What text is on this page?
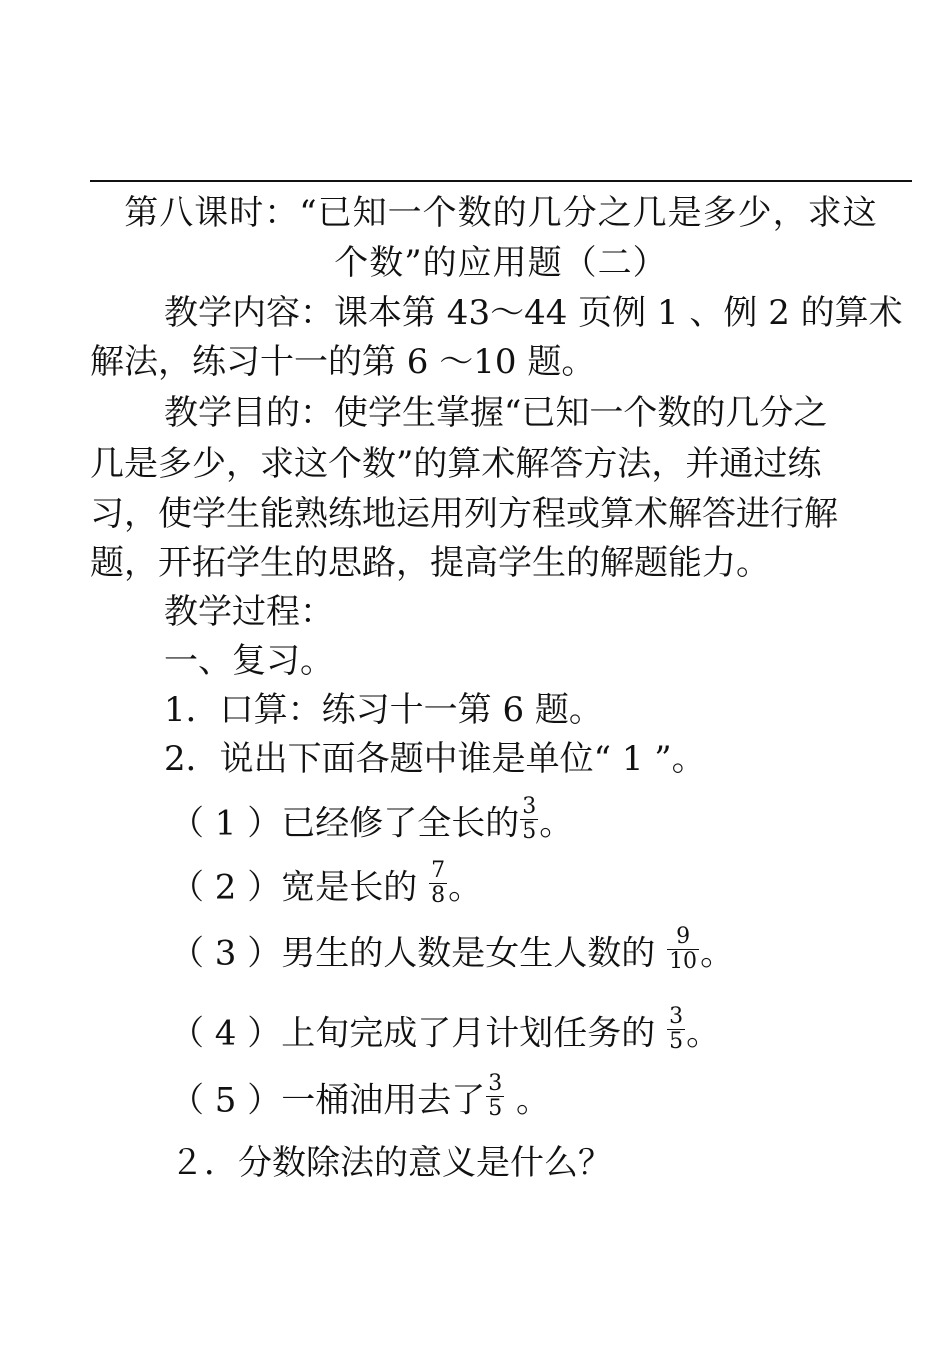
第八课时：“已知一个数的几分之几是多少，求这
个数”的应用题（二）
教学内容：课本第 43～44 页例 1 、例 2 的算术
解法，练习十一的第 6 ～10 题。
教学目的：使学生掌握“已知一个数的几分之
几是多少，求这个数”的算术解答方法，并通过练
习，使学生能熟练地运用列方程或算术解答进行解
题，开拓学生的思路，提高学生的解题能力。
教学过程：
一、复习。
1．口算：练习十一第 6 题。
2．说出下面各题中谁是单位“ 1 ”。
（ 1 ）已经修了全长的 $\frac{3}{5}$ 。
（ 2 ）宽是长的 $\frac{7}{8}$ 。
（ 3 ）男生的人数是女生人数的 $\frac{9}{10}$ 。
（ 4 ）上旬完成了月计划任务的 $\frac{3}{5}$ 。
（ 5 ）一桶油用去了 $\frac{3}{5}$ 。
２．分数除法的意义是什么？
